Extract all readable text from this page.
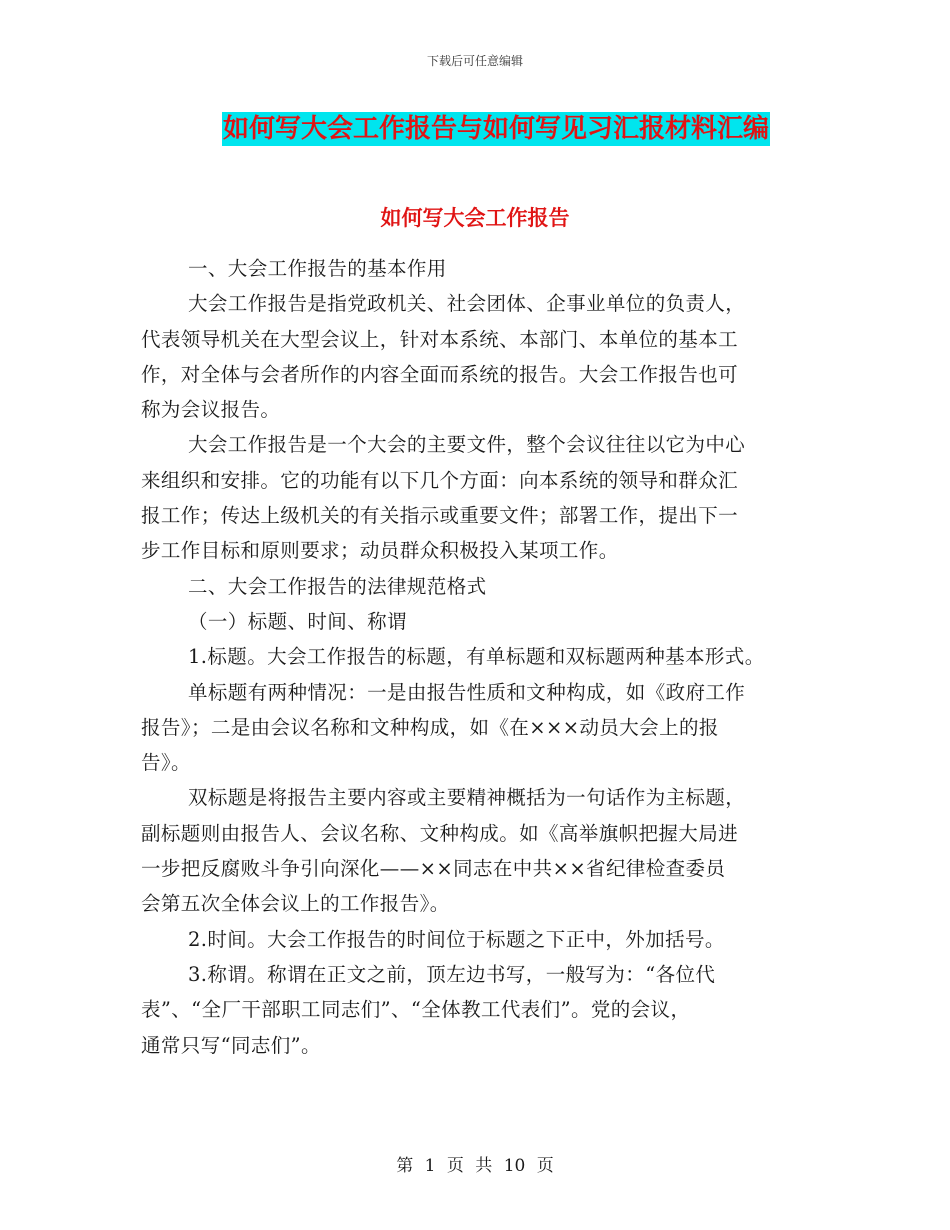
下载后可任意编辑
如何写大会工作报告与如何写见习汇报材料汇编
如何写大会工作报告
一、大会工作报告的基本作用
大会工作报告是指党政机关、社会团体、企事业单位的负责人，
代表领导机关在大型会议上，针对本系统、本部门、本单位的基本工
作，对全体与会者所作的内容全面而系统的报告。大会工作报告也可
称为会议报告。
大会工作报告是一个大会的主要文件，整个会议往往以它为中心
来组织和安排。它的功能有以下几个方面：向本系统的领导和群众汇
报工作；传达上级机关的有关指示或重要文件；部署工作，提出下一
步工作目标和原则要求；动员群众积极投入某项工作。
二、大会工作报告的法律规范格式
（一）标题、时间、称谓
1.标题。大会工作报告的标题，有单标题和双标题两种基本形式。
单标题有两种情况：一是由报告性质和文种构成，如《政府工作
报告》；二是由会议名称和文种构成，如《在×××动员大会上的报
告》。
双标题是将报告主要内容或主要精神概括为一句话作为主标题，
副标题则由报告人、会议名称、文种构成。如《高举旗帜把握大局进
一步把反腐败斗争引向深化——××同志在中共××省纪律检查委员
会第五次全体会议上的工作报告》。
2.时间。大会工作报告的时间位于标题之下正中，外加括号。
3.称谓。称谓在正文之前，顶左边书写，一般写为：“各位代
表”、“全厂干部职工同志们”、“全体教工代表们”。党的会议，
通常只写“同志们”。
第 1 页 共 10 页
